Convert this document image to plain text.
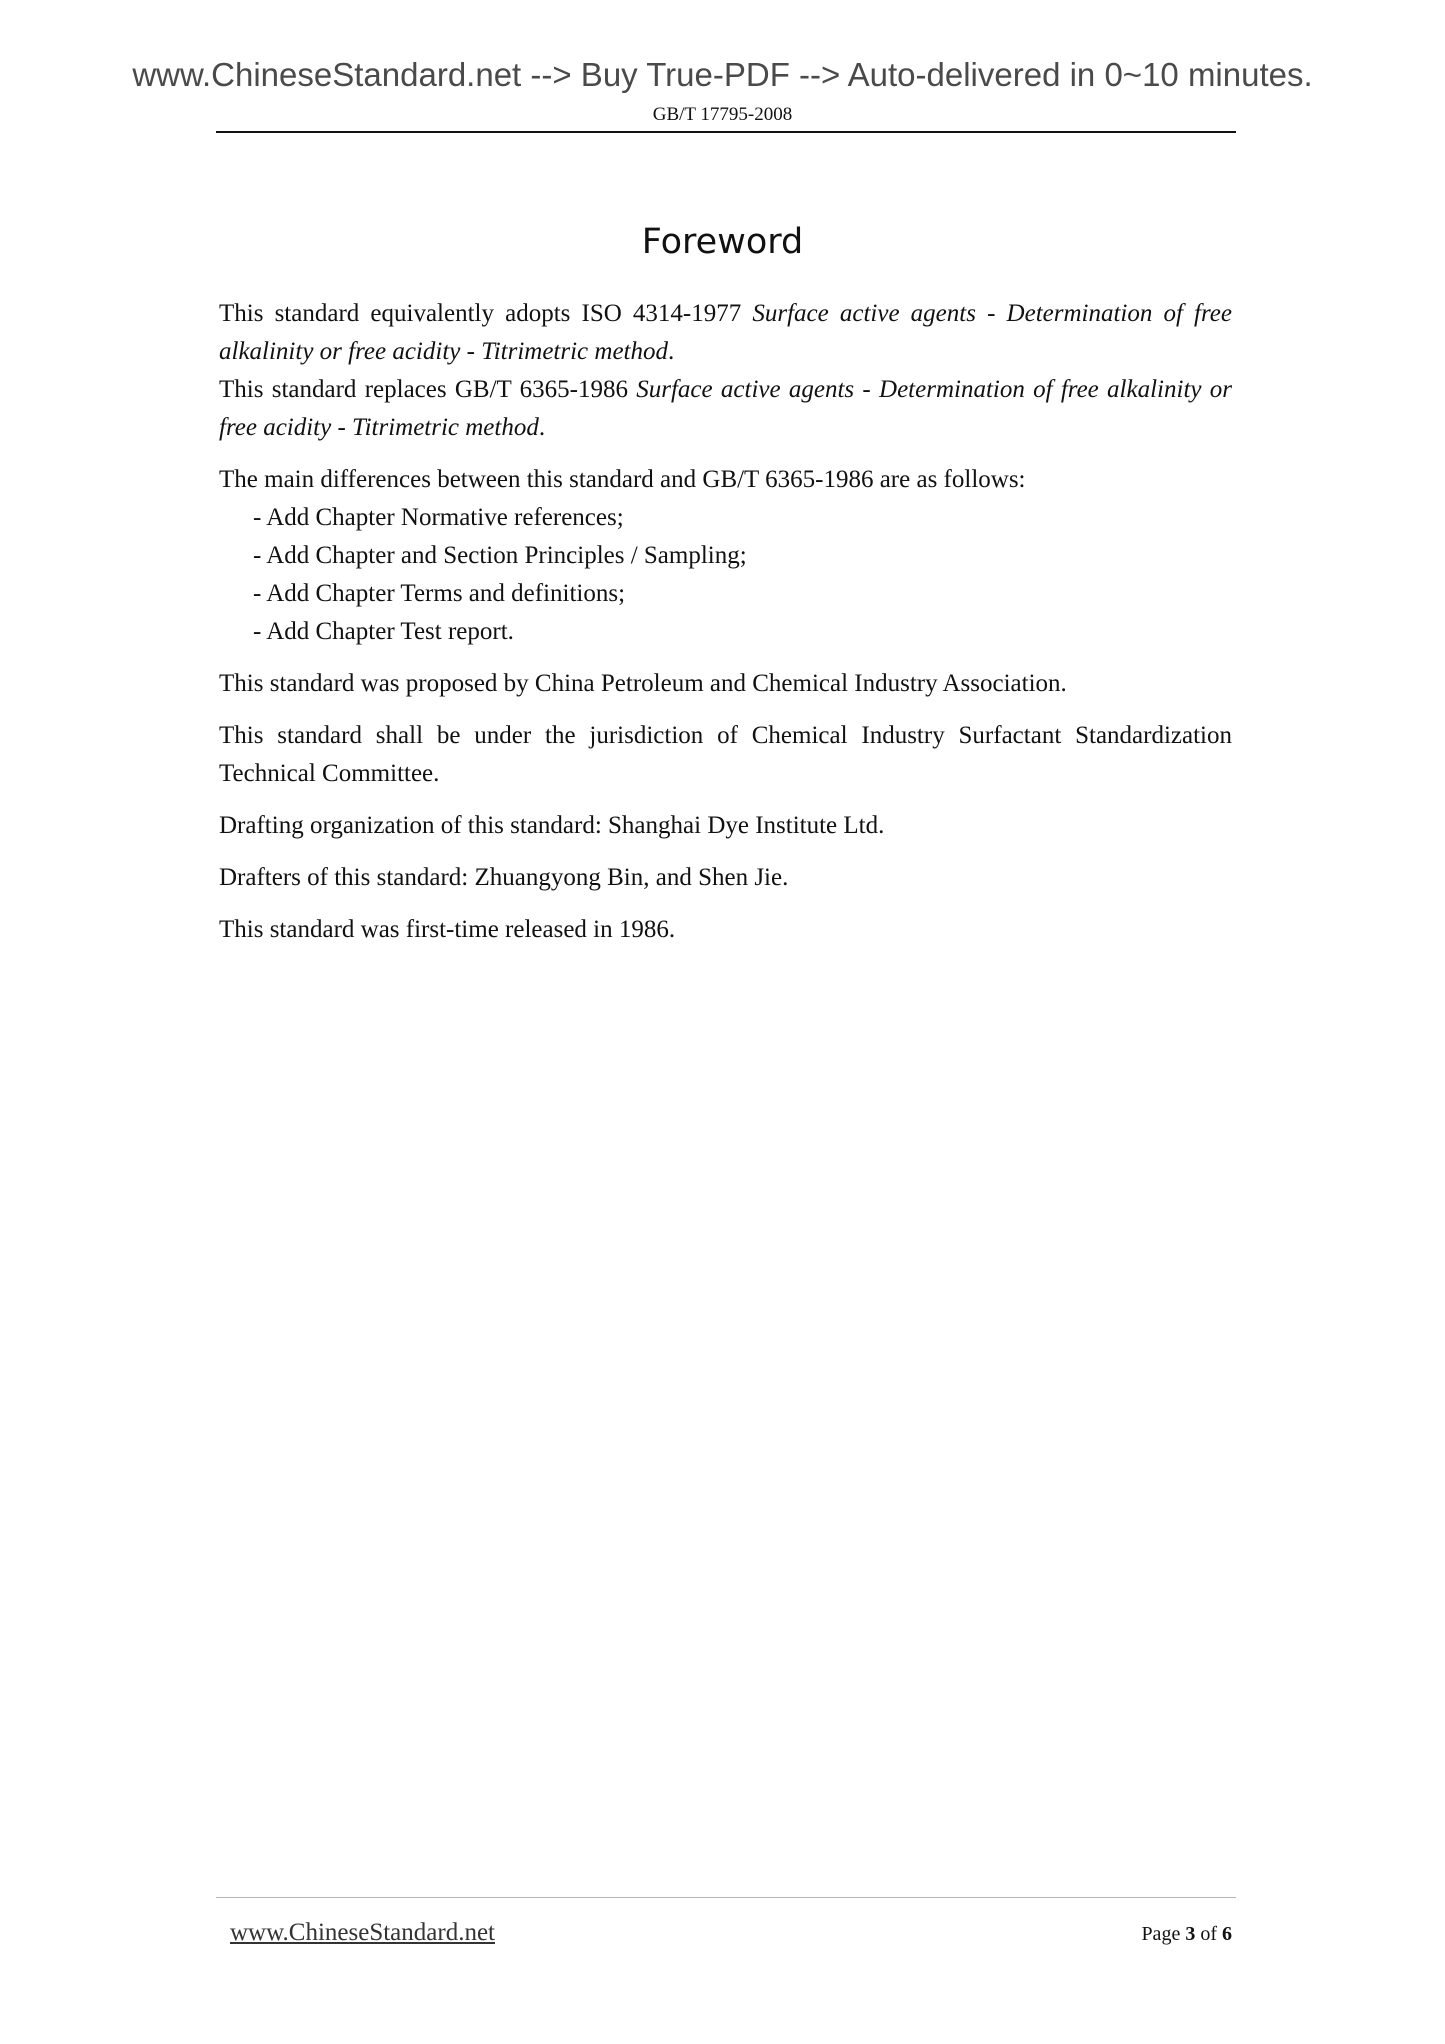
www.ChineseStandard.net --> Buy True-PDF --> Auto-delivered in 0~10 minutes.
GB/T 17795-2008
Foreword

This standard equivalently adopts ISO 4314-1977 Surface active agents - Determination of free alkalinity or free acidity - Titrimetric method.

This standard replaces GB/T 6365-1986 Surface active agents - Determination of free alkalinity or free acidity - Titrimetric method.

The main differences between this standard and GB/T 6365-1986 are as follows:

- Add Chapter Normative references;
- Add Chapter and Section Principles / Sampling;
- Add Chapter Terms and definitions;
- Add Chapter Test report.

This standard was proposed by China Petroleum and Chemical Industry Association.

This standard shall be under the jurisdiction of Chemical Industry Surfactant Standardization Technical Committee.

Drafting organization of this standard: Shanghai Dye Institute Ltd.

Drafters of this standard: Zhuangyong Bin, and Shen Jie.

This standard was first-time released in 1986.

www.ChineseStandard.net	Page 3 of 6
